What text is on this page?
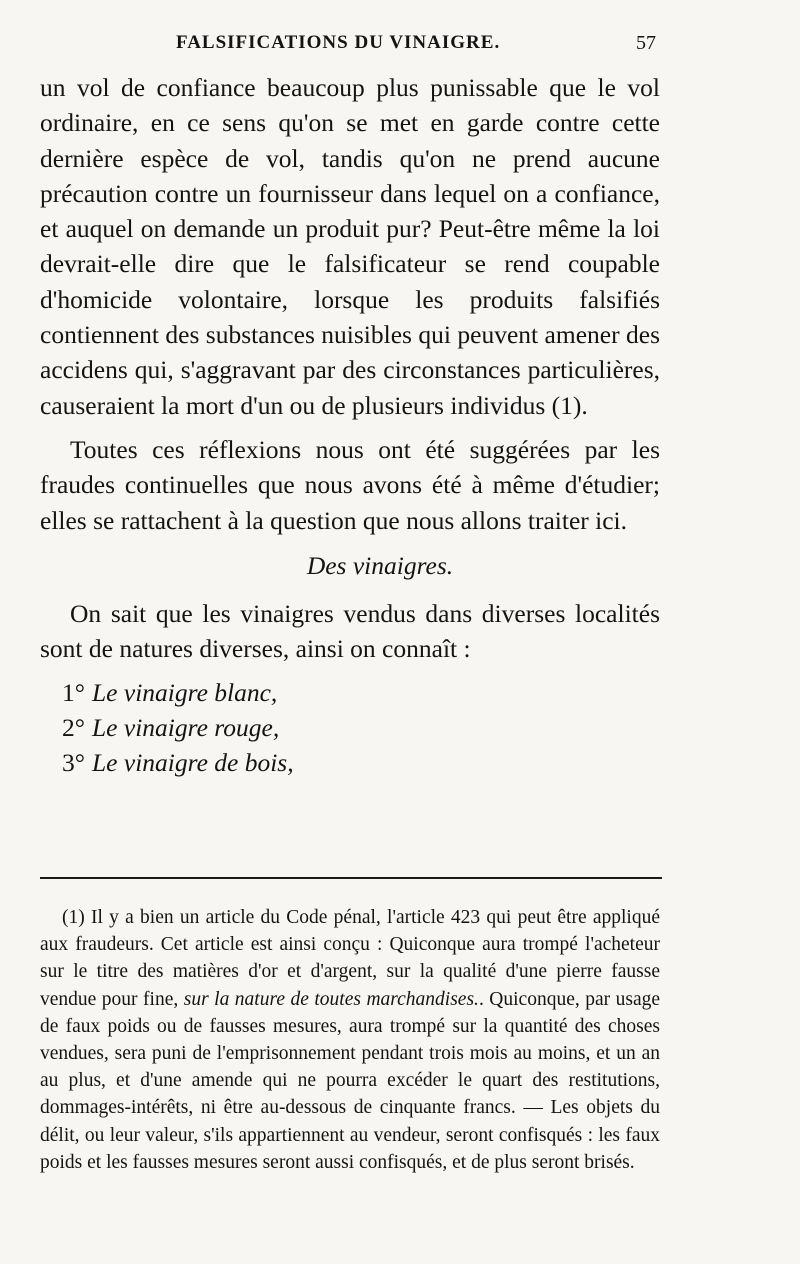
FALSIFICATIONS DU VINAIGRE.	57

un vol de confiance beaucoup plus punissable que le vol ordinaire, en ce sens qu'on se met en garde contre cette dernière espèce de vol, tandis qu'on ne prend aucune précaution contre un fournisseur dans lequel on a confiance, et auquel on demande un produit pur? Peut-être même la loi devrait-elle dire que le falsificateur se rend coupable d'homicide volontaire, lorsque les produits falsifiés contiennent des substances nuisibles qui peuvent amener des accidens qui, s'aggravant par des circonstances particulières, causeraient la mort d'un ou de plusieurs individus (1).

Toutes ces réflexions nous ont été suggérées par les fraudes continuelles que nous avons été à même d'étudier; elles se rattachent à la question que nous allons traiter ici.

Des vinaigres.

On sait que les vinaigres vendus dans diverses localités sont de natures diverses, ainsi on connaît :

1° Le vinaigre blanc,

2° Le vinaigre rouge,

3° Le vinaigre de bois,

(1) Il y a bien un article du Code pénal, l'article 423 qui peut être appliqué aux fraudeurs. Cet article est ainsi conçu : Quiconque aura trompé l'acheteur sur le titre des matières d'or et d'argent, sur la qualité d'une pierre fausse vendue pour fine, sur la nature de toutes marchandises.. Quiconque, par usage de faux poids ou de fausses mesures, aura trompé sur la quantité des choses vendues, sera puni de l'emprisonnement pendant trois mois au moins, et un an au plus, et d'une amende qui ne pourra excéder le quart des restitutions, dommages-intérêts, ni être au-dessous de cinquante francs. — Les objets du délit, ou leur valeur, s'ils appartiennent au vendeur, seront confisqués : les faux poids et les fausses mesures seront aussi confisqués, et de plus seront brisés.
